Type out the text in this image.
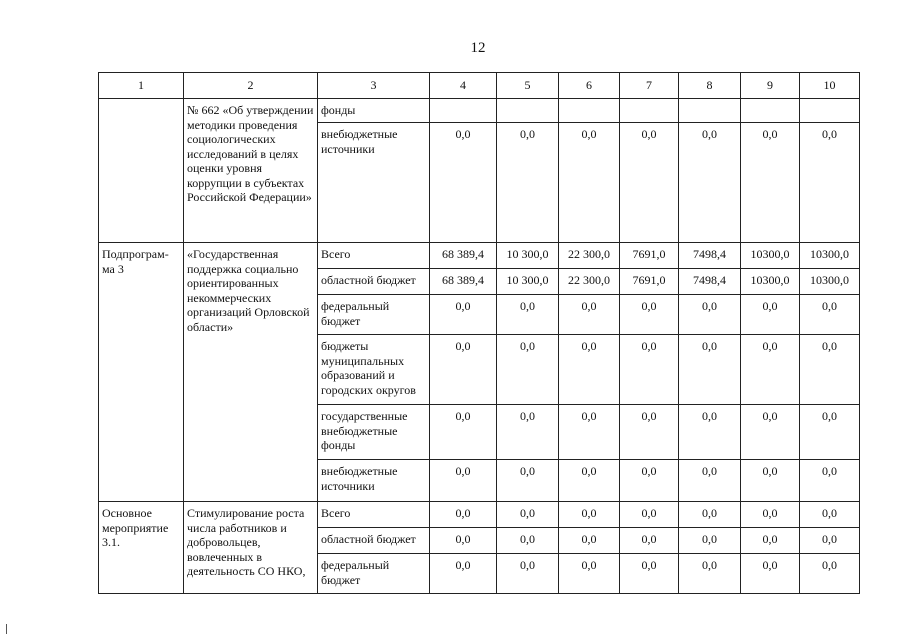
12
1	2	3	4	5	6	7	8	9	10
	№ 662 «Об утверждении методики проведения социологических исследований в целях оценки уровня коррупции в субъектах Российской Федерации»	фонды							
		внебюджетные источники	0,0	0,0	0,0	0,0	0,0	0,0	0,0
Подпрограм-ма 3	«Государственная поддержка социально ориентированных некоммерческих организаций Орловской области»	Всего	68 389,4	10 300,0	22 300,0	7691,0	7498,4	10300,0	10300,0
		областной бюджет	68 389,4	10 300,0	22 300,0	7691,0	7498,4	10300,0	10300,0
		федеральный бюджет	0,0	0,0	0,0	0,0	0,0	0,0	0,0
		бюджеты муниципальных образований и городских округов	0,0	0,0	0,0	0,0	0,0	0,0	0,0
		государственные внебюджетные фонды	0,0	0,0	0,0	0,0	0,0	0,0	0,0
		внебюджетные источники	0,0	0,0	0,0	0,0	0,0	0,0	0,0
Основное мероприятие 3.1.	Стимулирование роста числа работников и добровольцев, вовлеченных в деятельность СО НКО,	Всего	0,0	0,0	0,0	0,0	0,0	0,0	0,0
		областной бюджет	0,0	0,0	0,0	0,0	0,0	0,0	0,0
		федеральный бюджет	0,0	0,0	0,0	0,0	0,0	0,0	0,0
